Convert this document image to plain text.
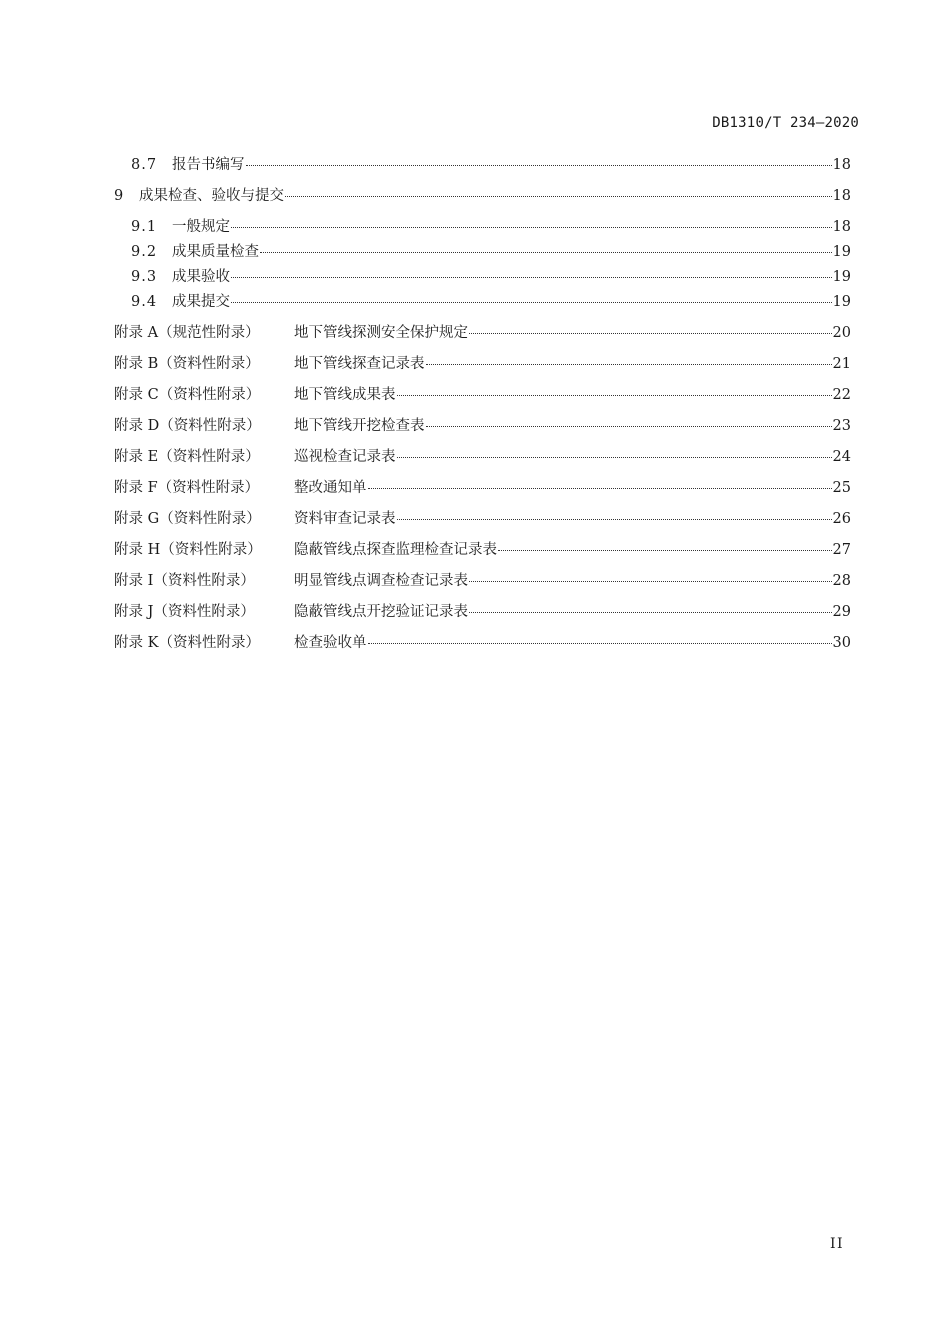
DB1310/T 234—2020
8.7	报告书编写	18
9	成果检查、验收与提交	18
9.1	一般规定	18
9.2	成果质量检查	19
9.3	成果验收	19
9.4	成果提交	19
附录 A（规范性附录）	地下管线探测安全保护规定	20
附录 B（资料性附录）	地下管线探查记录表	21
附录 C（资料性附录）	地下管线成果表	22
附录 D（资料性附录）	地下管线开挖检查表	23
附录 E（资料性附录）	巡视检查记录表	24
附录 F（资料性附录）	整改通知单	25
附录 G（资料性附录）	资料审查记录表	26
附录 H（资料性附录）	隐蔽管线点探查监理检查记录表	27
附录 I（资料性附录）	明显管线点调查检查记录表	28
附录 J（资料性附录）	隐蔽管线点开挖验证记录表	29
附录 K（资料性附录）	检查验收单	30
II
